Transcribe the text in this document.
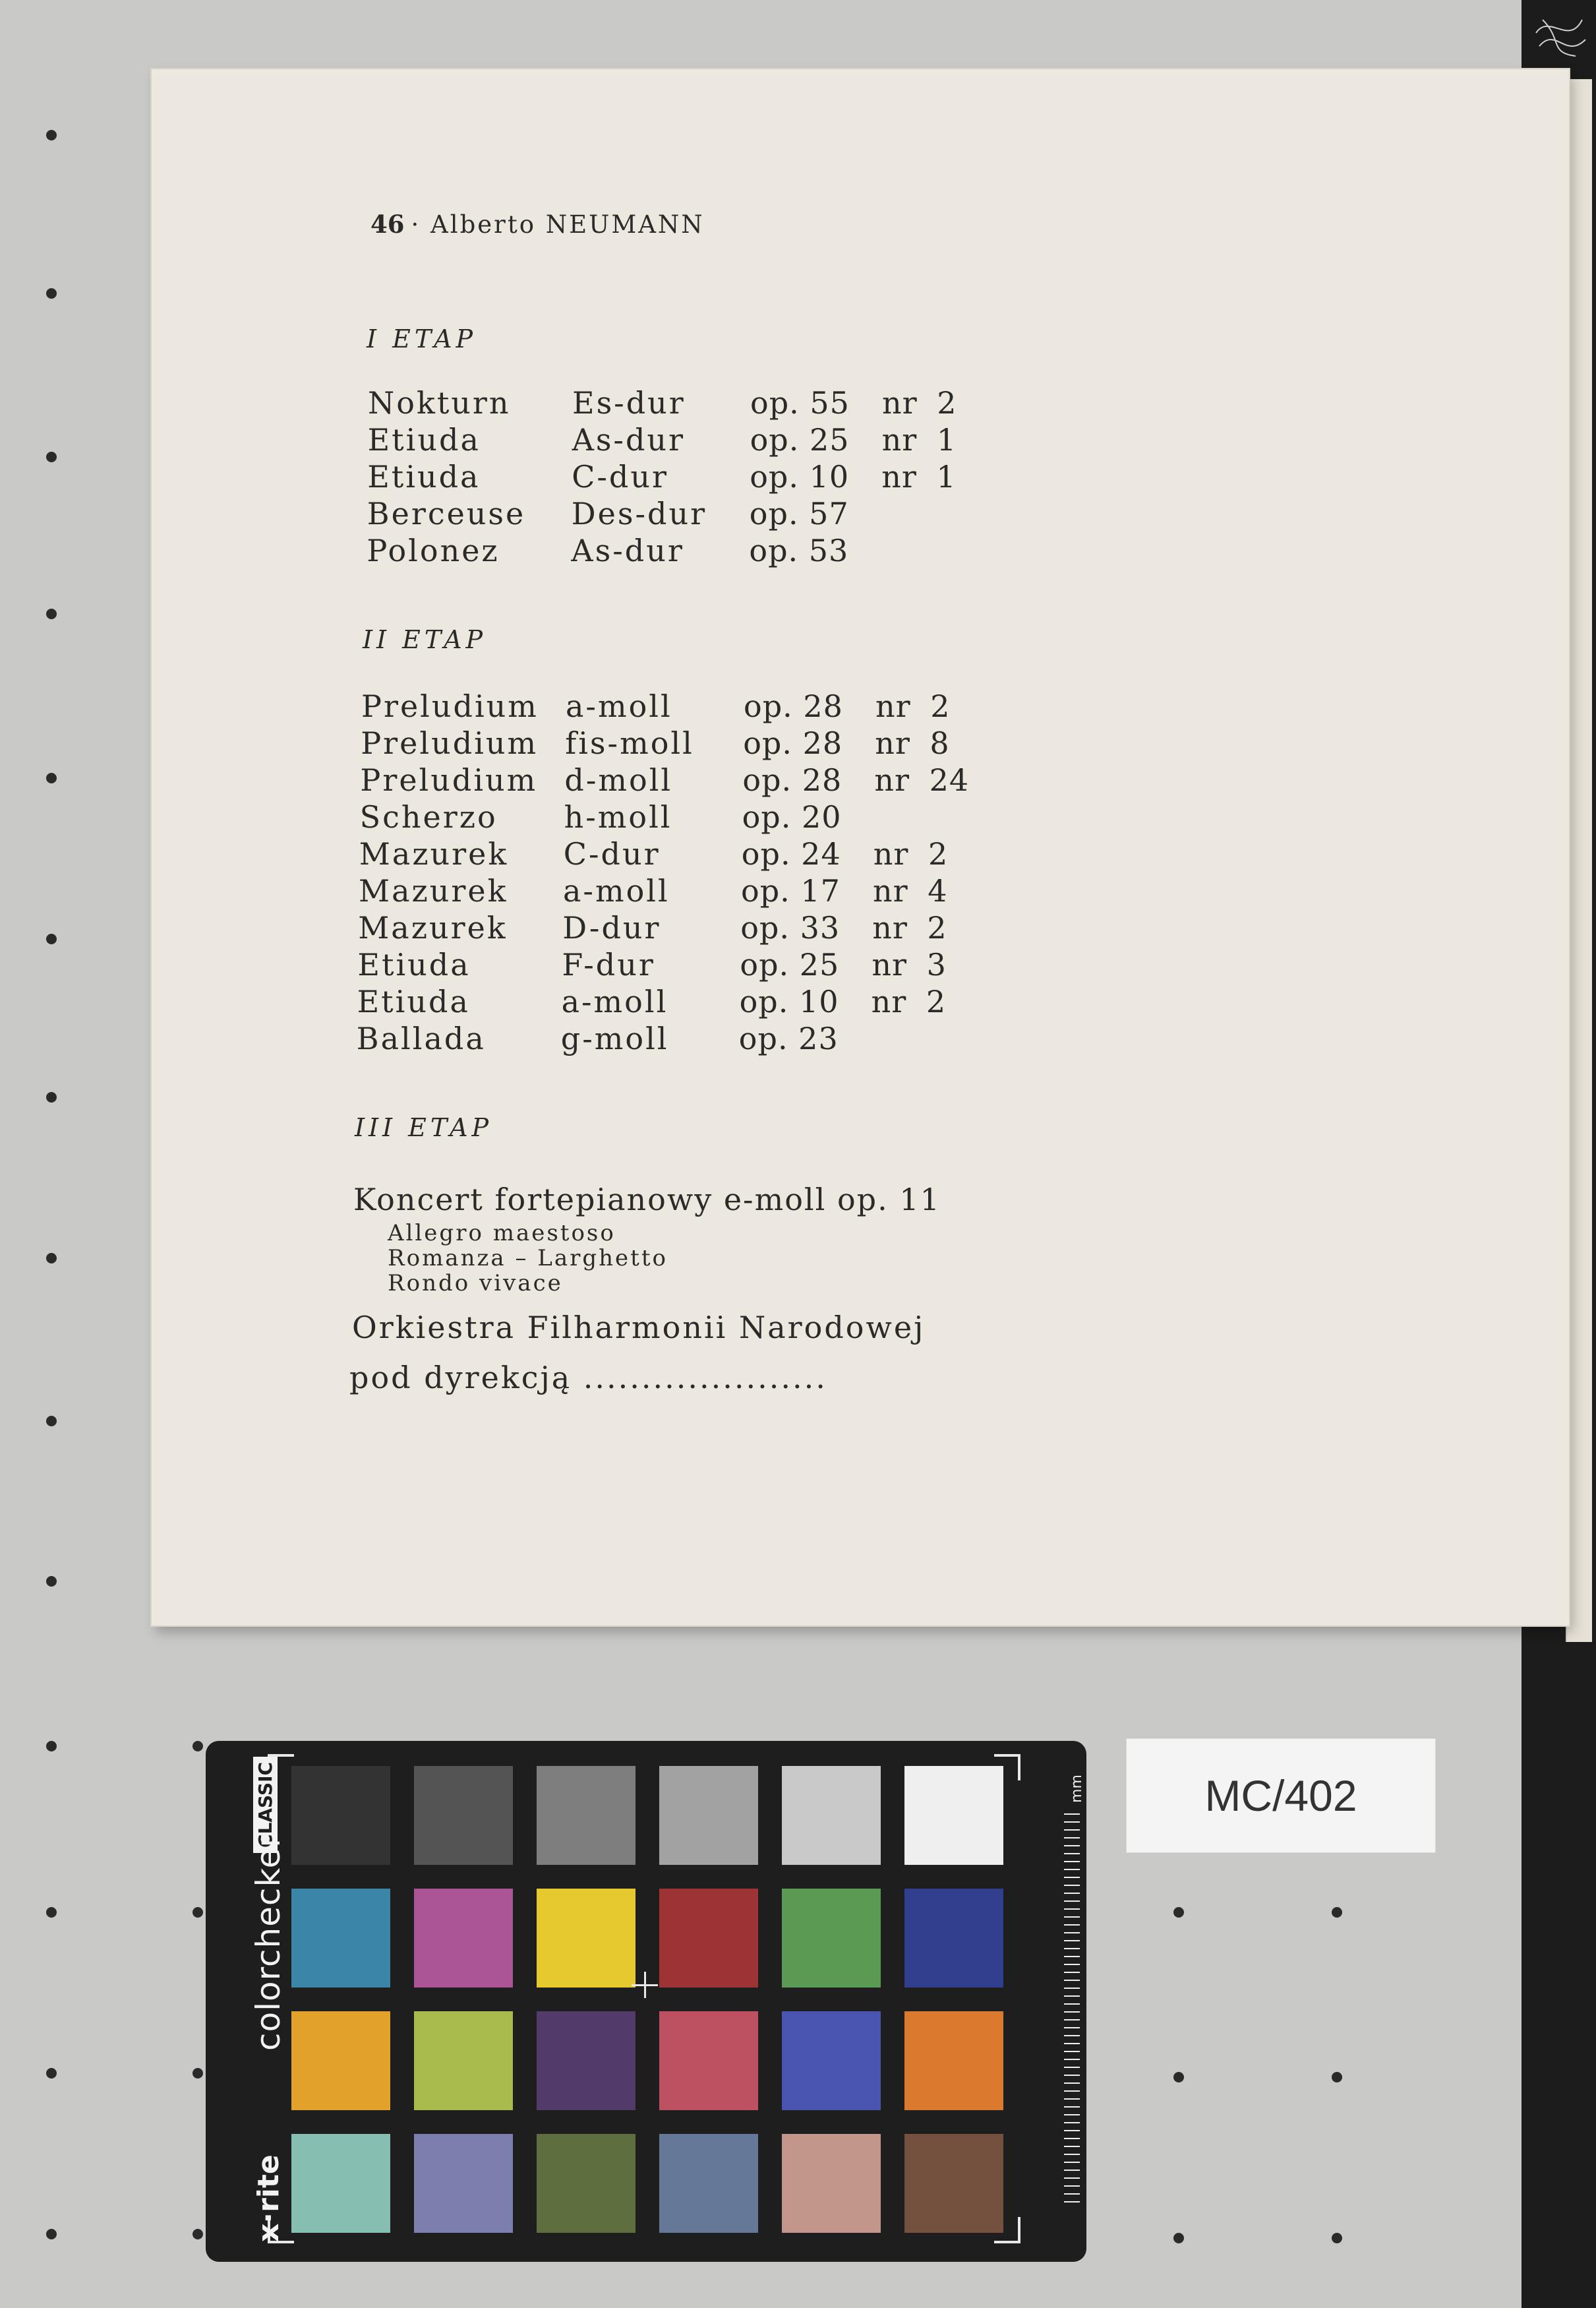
46 · Alberto NEUMANN
I ETAP
Nokturn Es-dur op. 55 nr 2
Etiuda	As-dur op. 25 nr 1
Etiuda	C-dur	op. 10 nr 1
Berceuse Des-dur op. 57
Polonez As-dur op. 53
II ETAP
Preludium a-moll op. 28 nr 2
Preludium fis-moll op. 28 nr 8
Preludium d-moll op. 28 nr 24
Scherzo h-moll op. 20
Mazurek C-dur	op. 24 nr 2
Mazurek a-moll op. 17 nr 4
Mazurek D-dur	op. 33 nr 2
Etiuda	F-dur	op. 25 nr 3
Etiuda	a-moll op. 10 nr 2
Ballada g-moll op. 23
III ETAP
Koncert fortepianowy e-moll op. 11
Allegro maestoso
Romanza – Larghetto
Rondo vivace
Orkiestra Filharmonii Narodowej
pod dyrekcją .....................
CLASSIC
colorchecker
x·rite
mm	MC/402
